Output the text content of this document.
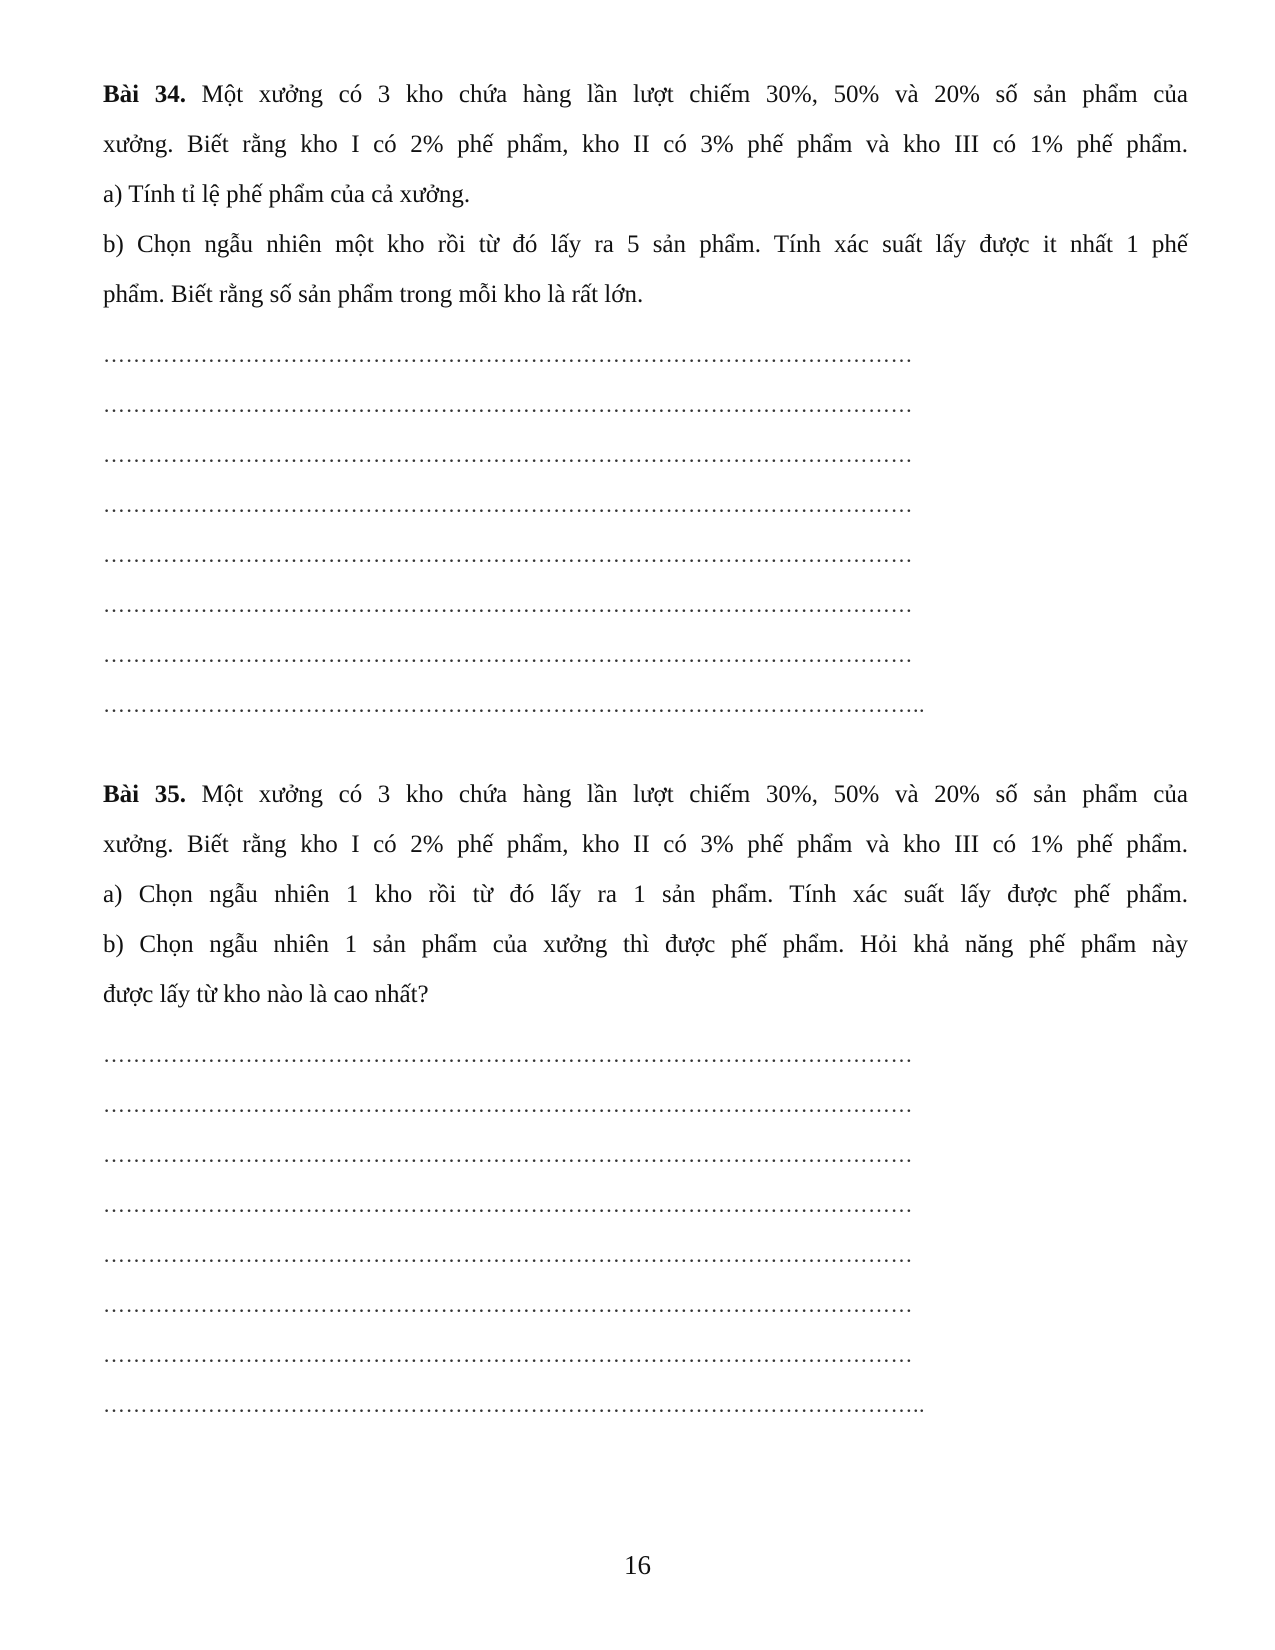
Bài 34. Một xưởng có 3 kho chứa hàng lần lượt chiếm 30%, 50% và 20% số sản phẩm của

xưởng. Biết rằng kho I có 2% phế phẩm, kho II có 3% phế phẩm và kho III có 1% phế phẩm.

a) Tính tỉ lệ phế phẩm của cả xưởng.

b) Chọn ngẫu nhiên một kho rồi từ đó lấy ra 5 sản phẩm. Tính xác suất lấy được it nhất 1 phế

phẩm. Biết rằng số sản phẩm trong mỗi kho là rất lớn.

………………………………………………………………………………………………
………………………………………………………………………………………………
………………………………………………………………………………………………
………………………………………………………………………………………………
………………………………………………………………………………………………
………………………………………………………………………………………………
………………………………………………………………………………………………
………………………………………………………………………………………………..

Bài 35. Một xưởng có 3 kho chứa hàng lần lượt chiếm 30%, 50% và 20% số sản phẩm của

xưởng. Biết rằng kho I có 2% phế phẩm, kho II có 3% phế phẩm và kho III có 1% phế phẩm.

a) Chọn ngẫu nhiên 1 kho rồi từ đó lấy ra 1 sản phẩm. Tính xác suất lấy được phế phẩm.

b) Chọn ngẫu nhiên 1 sản phẩm của xưởng thì được phế phẩm. Hỏi khả năng phế phẩm này

được lấy từ kho nào là cao nhất?

………………………………………………………………………………………………
………………………………………………………………………………………………
………………………………………………………………………………………………
………………………………………………………………………………………………
………………………………………………………………………………………………
………………………………………………………………………………………………
………………………………………………………………………………………………
………………………………………………………………………………………………..
16
